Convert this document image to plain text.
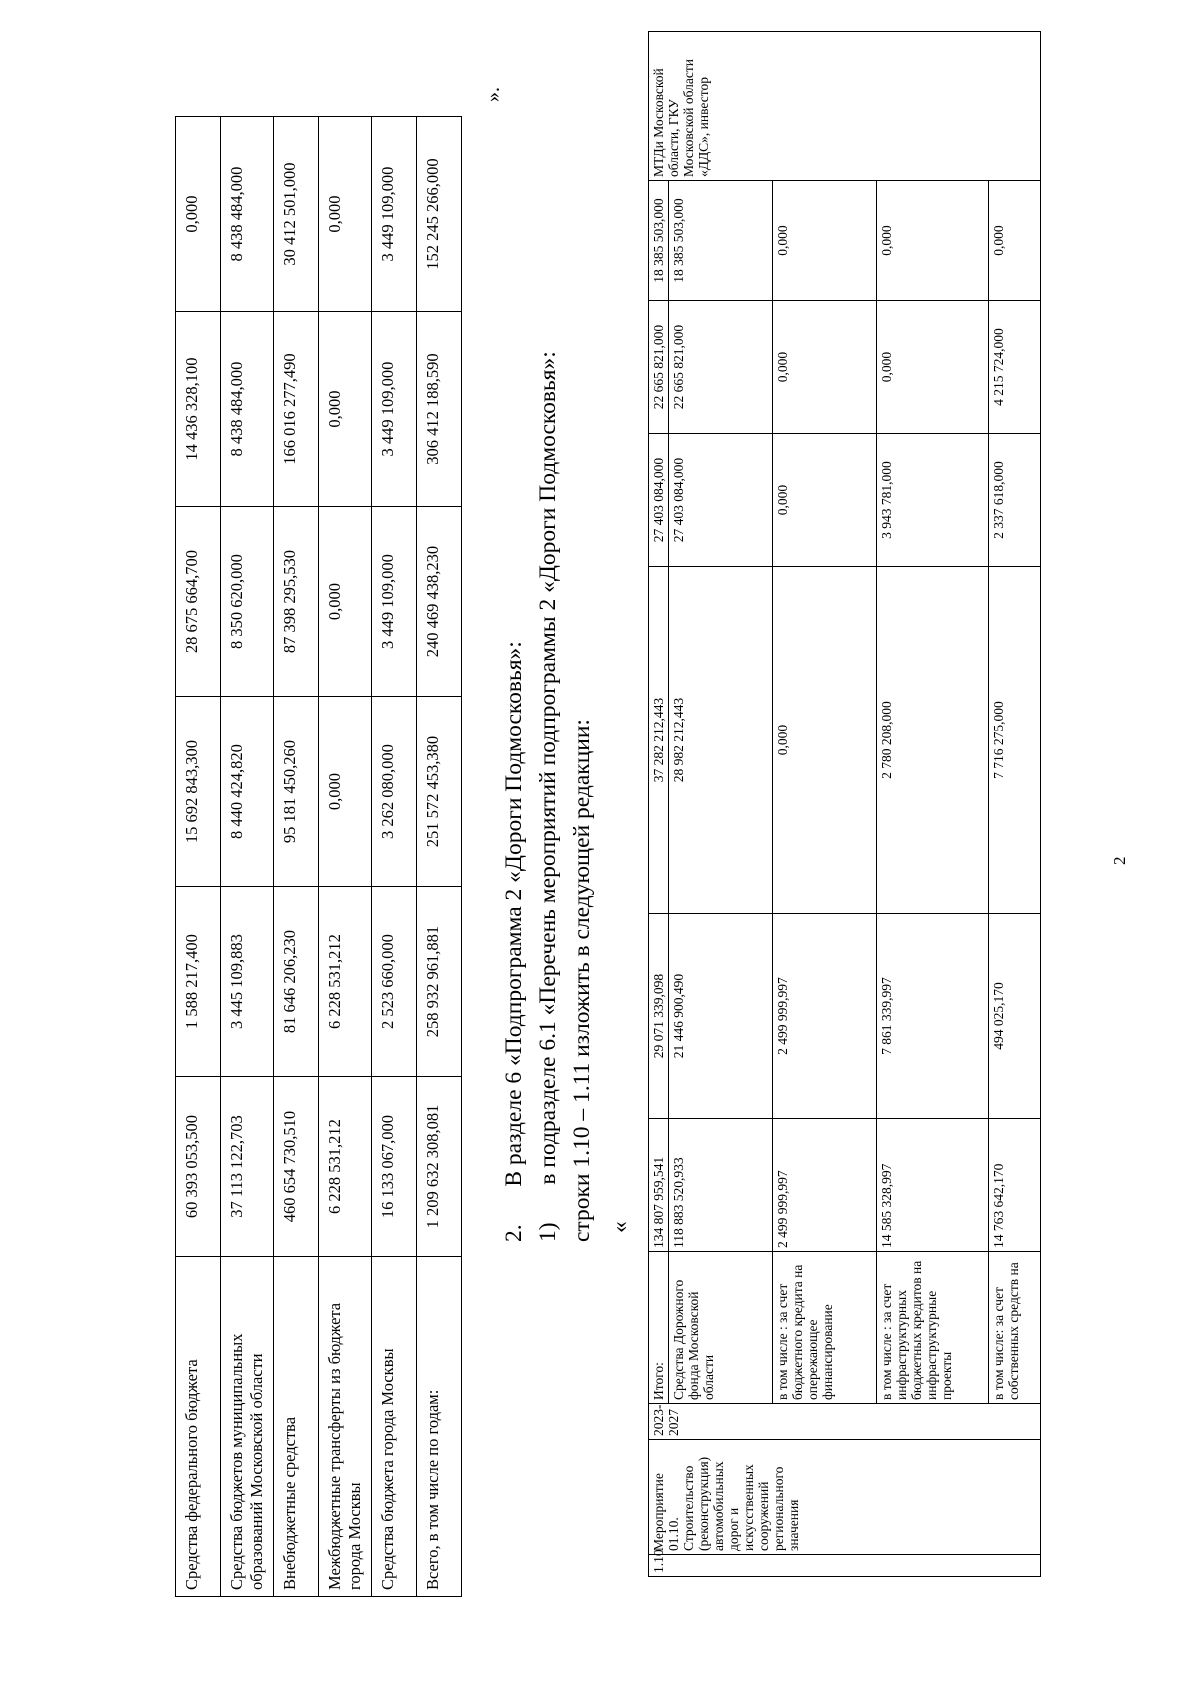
2
Средства федерального бюджета	60 393 053,500	1 588 217,400	15 692 843,300	28 675 664,700	14 436 328,100	0,000
Средства бюджетов муниципальных образований Московской области	37 113 122,703	3 445 109,883	8 440 424,820	8 350 620,000	8 438 484,000	8 438 484,000
Внебюджетные средства	460 654 730,510	81 646 206,230	95 181 450,260	87 398 295,530	166 016 277,490	30 412 501,000
Межбюджетные трансферты из бюджета города Москвы	6 228 531,212	6 228 531,212	0,000	0,000	0,000	0,000
Средства бюджета города Москвы	16 133 067,000	2 523 660,000	3 262 080,000	3 449 109,000	3 449 109,000	3 449 109,000
Всего, в том числе по годам:	1 209 632 308,081	258 932 961,881	251 572 453,380	240 469 438,230	306 412 188,590	152 245 266,000
».
2.  В разделе 6 «Подпрограмма 2 «Дороги Подмосковья»:
1)  в подразделе 6.1 «Перечень мероприятий подпрограммы 2 «Дороги Подмосковья»: строки 1.10 – 1.11 изложить в следующей редакции: «
1.10	Мероприятие 01.10. Строительство (реконструкция) автомобильных дорог и искусственных сооружений регионального значения	2023-2027	Итого:	134 807 959,541	29 071 339,098	37 282 212,443	27 403 084,000	22 665 821,000	18 385 503,000	МТДи Московской области, ГКУ Московской области «ДДС», инвестор
			Средства Дорожного фонда Московской области	118 883 520,933	21 446 900,490	28 982 212,443	27 403 084,000	22 665 821,000	18 385 503,000	
			в том числе : за счет бюджетного кредита на опережающее финансирование	2 499 999,997	2 499 999,997	0,000	0,000	0,000	0,000	
			в том числе : за счет инфраструктурных бюджетных кредитов на инфраструктурные проекты	14 585 328,997	7 861 339,997	2 780 208,000	3 943 781,000	0,000	0,000	
			в том числе: за счет собственных средств на	14 763 642,170	494 025,170	7 716 275,000	2 337 618,000	4 215 724,000	0,000	
